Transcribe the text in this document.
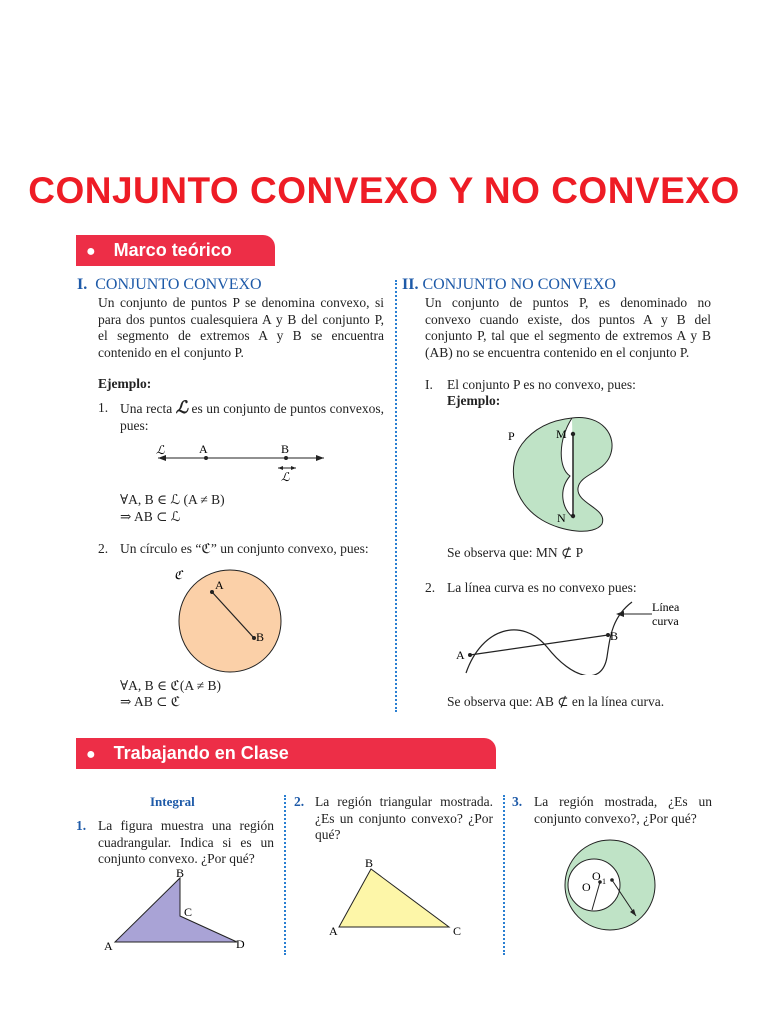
CONJUNTO CONVEXO Y NO CONVEXO
● Marco teórico
I. CONJUNTO CONVEXO
Un conjunto de puntos P se denomina convexo, si para dos puntos cualesquiera A y B del conjunto P, el segmento de extremos A y B se encuentra contenido en el conjunto P.
Ejemplo:
1. Una recta ℒ es un conjunto de puntos convexos, pues:
ℒ	A	B
ℒ
∀A, B ∈ ℒ (A ≠ B)
⇒ AB ⊂ ℒ
2. Un círculo es “ℭ” un conjunto convexo, pues:
ℭ
A
B
∀A, B ∈ ℭ(A ≠ B)
⇒ AB ⊂ ℭ
II. CONJUNTO NO CONVEXO
Un conjunto de puntos P, es denominado no convexo cuando existe, dos puntos A y B del conjunto P, tal que el segmento de extremos A y B (AB) no se encuentra contenido en el conjunto P.
I. El conjunto P es no convexo, pues:
Ejemplo:
P	M
N
Se observa que: MN ⊄ P
2. La línea curva es no convexo pues:
A
B
Línea
curva
Se observa que: AB ⊄ en la línea curva.
● Trabajando en Clase
Integral
1. La figura muestra una región cuadrangular. Indica si es un conjunto convexo. ¿Por qué?
A
B
C
D
2. La región triangular mostrada. ¿Es un conjunto convexo? ¿Por qué?
A
B
C
3. La región mostrada, ¿Es un conjunto convexo?, ¿Por qué?
O
O 1
